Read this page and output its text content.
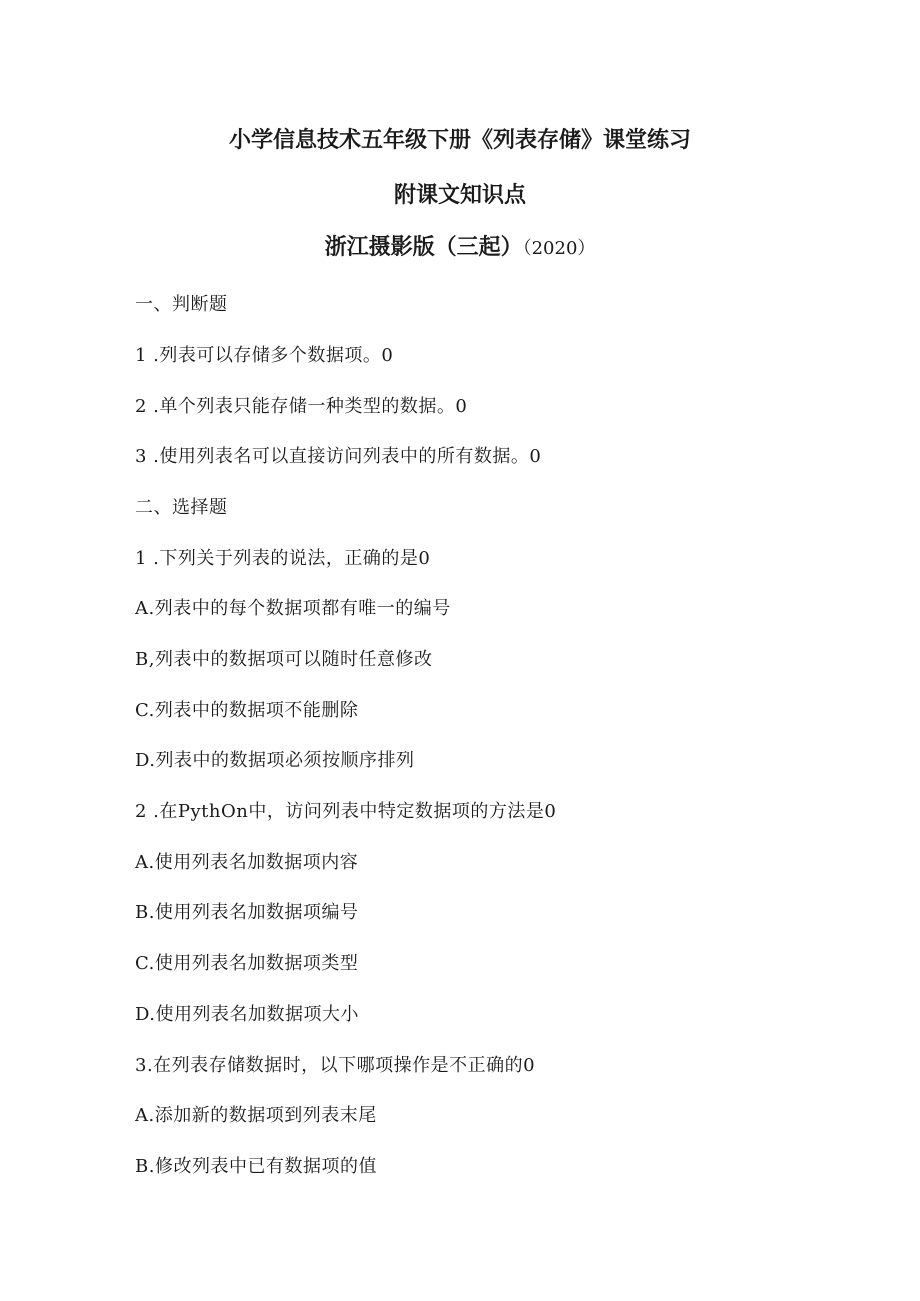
小学信息技术五年级下册《列表存储》课堂练习
附课文知识点
浙江摄影版（三起）（2020）
一、判断题
1 .列表可以存储多个数据项。0
2 .单个列表只能存储一种类型的数据。0
3 .使用列表名可以直接访问列表中的所有数据。0
二、选择题
1 .下列关于列表的说法，正确的是0
A.列表中的每个数据项都有唯一的编号
B,列表中的数据项可以随时任意修改
C.列表中的数据项不能删除
D.列表中的数据项必须按顺序排列
2 .在PythOn中，访问列表中特定数据项的方法是0
A.使用列表名加数据项内容
B.使用列表名加数据项编号
C.使用列表名加数据项类型
D.使用列表名加数据项大小
3.在列表存储数据时，以下哪项操作是不正确的0
A.添加新的数据项到列表末尾
B.修改列表中已有数据项的值
